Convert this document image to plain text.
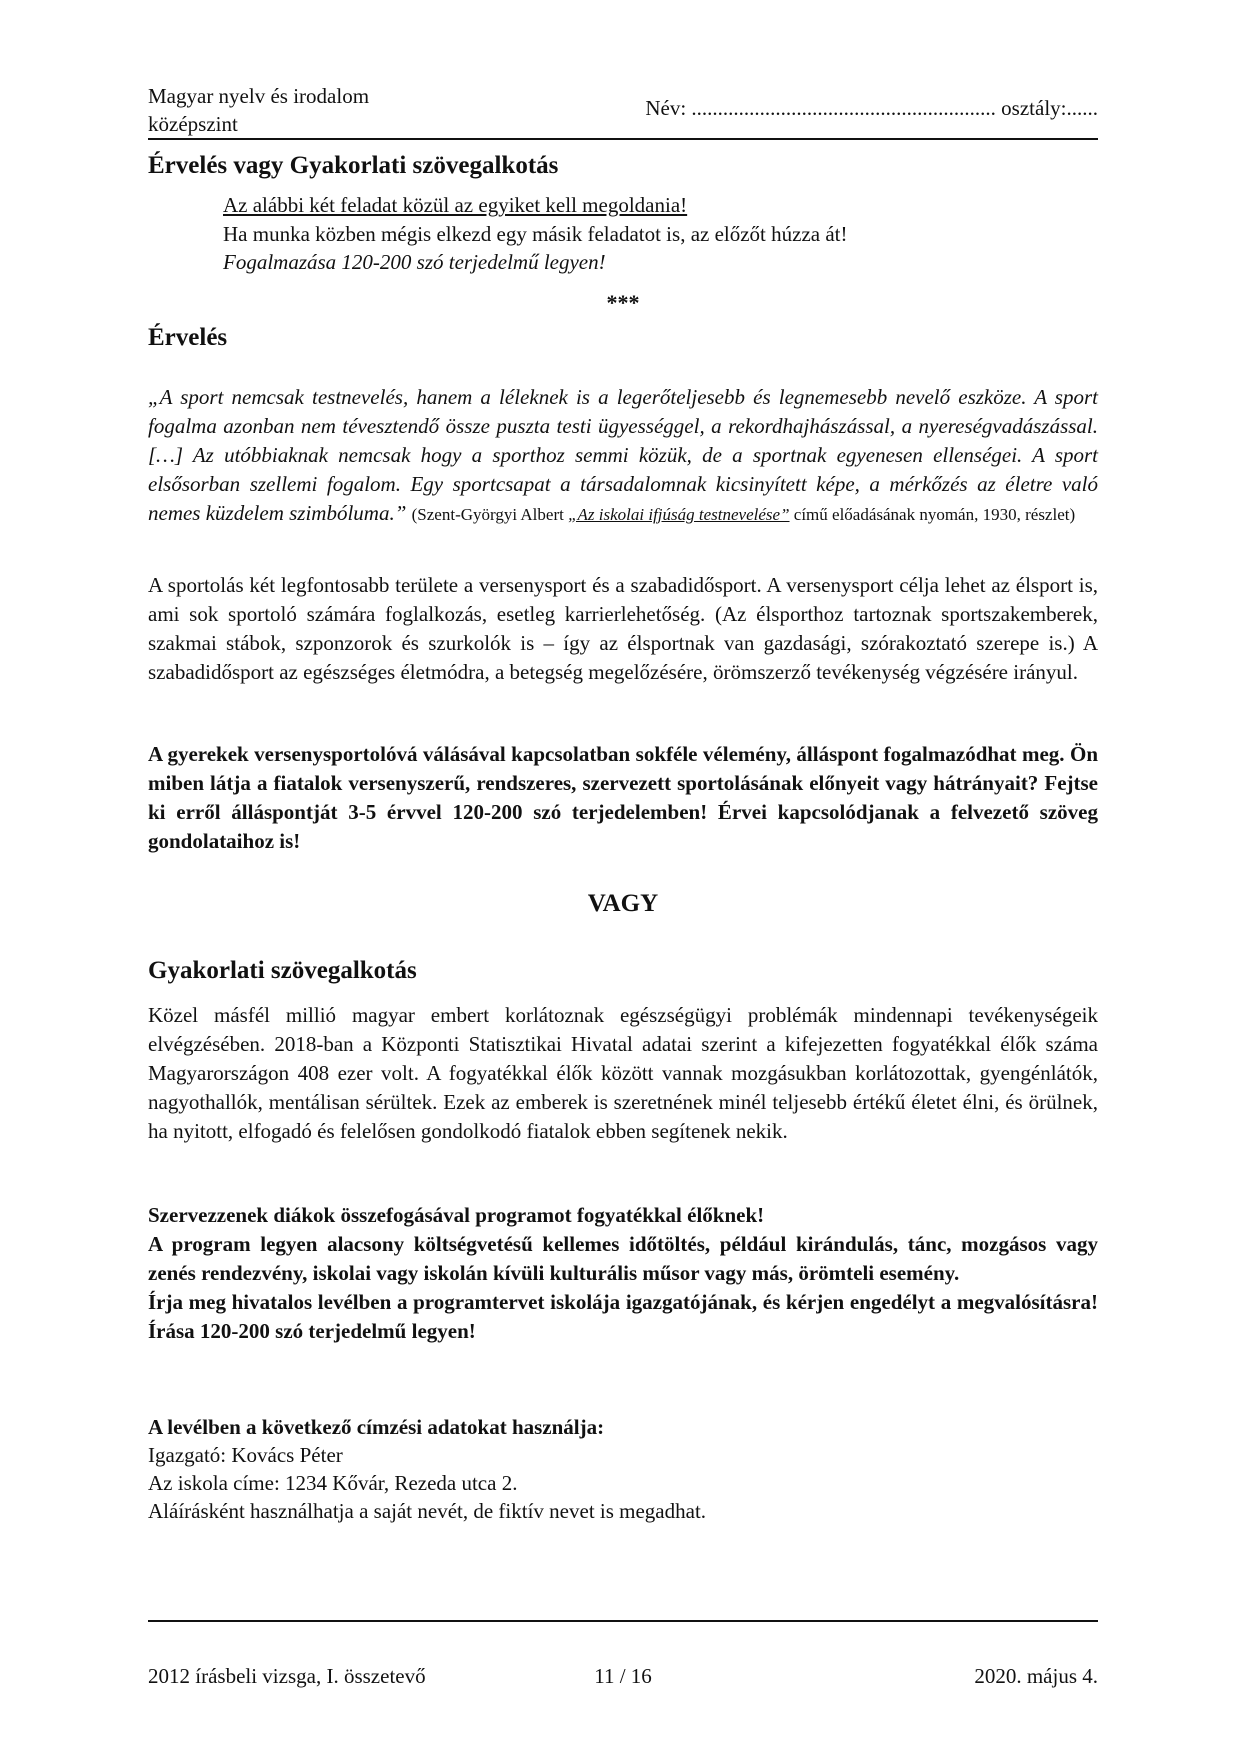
Magyar nyelv és irodalom
középszint
Név: .......................................................... osztály:......
Érvelés vagy Gyakorlati szövegalkotás
Az alábbi két feladat közül az egyiket kell megoldania!
Ha munka közben mégis elkezd egy másik feladatot is, az előzőt húzza át!
Fogalmazása 120-200 szó terjedelmű legyen!
***
Érvelés
„A sport nemcsak testnevelés, hanem a léleknek is a legerőteljesebb és legnemesebb nevelő eszköze. A sport fogalma azonban nem tévesztendő össze puszta testi ügyességgel, a rekordhajhászással, a nyereségvadászással. […] Az utóbbiaknak nemcsak hogy a sporthoz semmi közük, de a sportnak egyenesen ellenségei. A sport elsősorban szellemi fogalom. Egy sportcsapat a társadalomnak kicsinyített képe, a mérkőzés az életre való nemes küzdelem szimbóluma.” (Szent-Györgyi Albert „Az iskolai ifjúság testnevelése” című előadásának nyomán, 1930, részlet)
A sportolás két legfontosabb területe a versenysport és a szabadidősport. A versenysport célja lehet az élsport is, ami sok sportoló számára foglalkozás, esetleg karrierlehetőség. (Az élsporthoz tartoznak sportszakemberek, szakmai stábok, szponzorok és szurkolók is – így az élsportnak van gazdasági, szórakoztató szerepe is.) A szabadidősport az egészséges életmódra, a betegség megelőzésére, örömszerző tevékenység végzésére irányul.
A gyerekek versenysportolóvá válásával kapcsolatban sokféle vélemény, álláspont fogalmazódhat meg. Ön miben látja a fiatalok versenyszerű, rendszeres, szervezett sportolásának előnyeit vagy hátrányait? Fejtse ki erről álláspontját 3-5 érvvel 120-200 szó terjedelemben! Érvei kapcsolódjanak a felvezető szöveg gondolataihoz is!
VAGY
Gyakorlati szövegalkotás
Közel másfél millió magyar embert korlátoznak egészségügyi problémák mindennapi tevékenységeik elvégzésében. 2018-ban a Központi Statisztikai Hivatal adatai szerint a kifejezetten fogyatékkal élők száma Magyarországon 408 ezer volt. A fogyatékkal élők között vannak mozgásukban korlátozottak, gyengénlátók, nagyothallók, mentálisan sérültek. Ezek az emberek is szeretnének minél teljesebb értékű életet élni, és örülnek, ha nyitott, elfogadó és felelősen gondolkodó fiatalok ebben segítenek nekik.
Szervezzenek diákok összefogásával programot fogyatékkal élőknek!
A program legyen alacsony költségvetésű kellemes időtöltés, például kirándulás, tánc, mozgásos vagy zenés rendezvény, iskolai vagy iskolán kívüli kulturális műsor vagy más, örömteli esemény.
Írja meg hivatalos levélben a programtervet iskolája igazgatójának, és kérjen engedélyt a megvalósításra! Írása 120-200 szó terjedelmű legyen!
A levélben a következő címzési adatokat használja:
Igazgató: Kovács Péter
Az iskola címe: 1234 Kővár, Rezeda utca 2.
Aláírásként használhatja a saját nevét, de fiktív nevet is megadhat.
2012 írásbeli vizsga, I. összetevő	11 / 16	2020. május 4.
